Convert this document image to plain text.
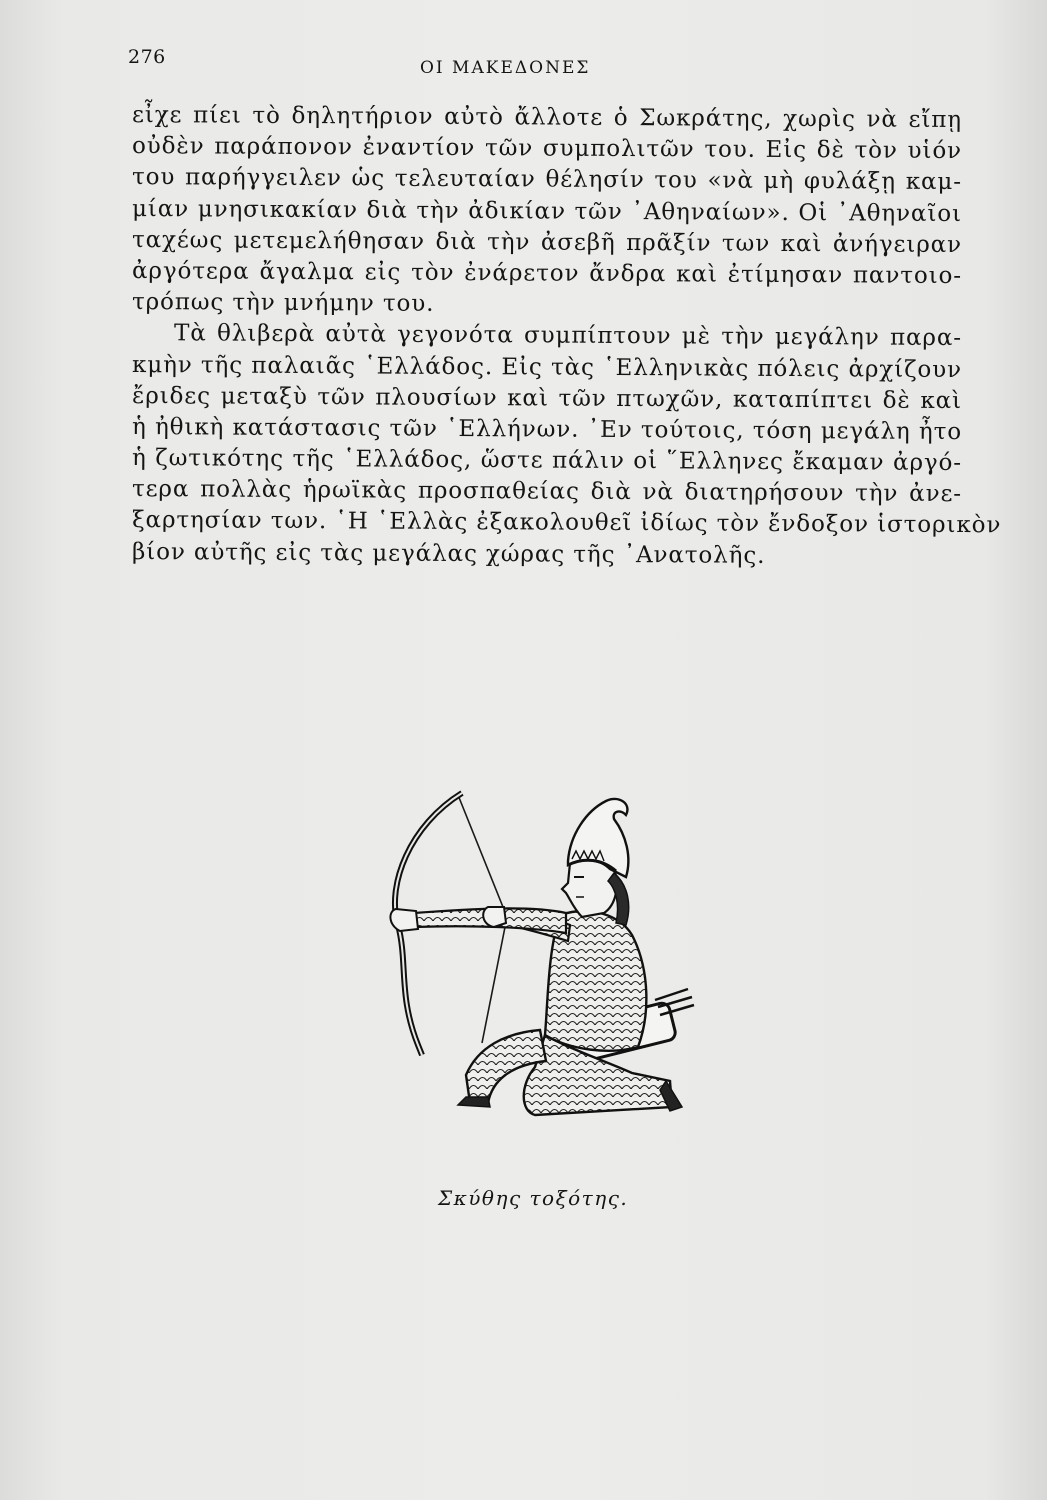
276	ΟΙ ΜΑΚΕΔΟΝΕΣ
εἶχε πίει τὸ δηλητήριον αὐτὸ ἄλλοτε ὁ Σωκράτης, χωρὶς νὰ εἴπῃ
οὐδὲν παράπονον ἐναντίον τῶν συμπολιτῶν του. Εἰς δὲ τὸν υἱόν
του παρήγγειλεν ὡς τελευταίαν θέλησίν του «νὰ μὴ φυλάξῃ καμ-
μίαν μνησικακίαν διὰ τὴν ἀδικίαν τῶν ᾿Αθηναίων». Οἱ ᾿Αθηναῖοι
ταχέως μετεμελήθησαν διὰ τὴν ἀσεβῆ πρᾶξίν των καὶ ἀνήγειραν
ἀργότερα ἄγαλμα εἰς τὸν ἐνάρετον ἄνδρα καὶ ἐτίμησαν παντοιο-
τρόπως τὴν μνήμην του.
Τὰ θλιβερὰ αὐτὰ γεγονότα συμπίπτουν μὲ τὴν μεγάλην παρα-
κμὴν τῆς παλαιᾶς ῾Ελλάδος. Εἰς τὰς ῾Ελληνικὰς πόλεις ἀρχίζουν
ἔριδες μεταξὺ τῶν πλουσίων καὶ τῶν πτωχῶν, καταπίπτει δὲ καὶ
ἡ ἠθικὴ κατάστασις τῶν ῾Ελλήνων. ᾿Εν τούτοις, τόση μεγάλη ἦτο
ἡ ζωτικότης τῆς ῾Ελλάδος, ὥστε πάλιν οἱ ῞Ελληνες ἔκαμαν ἀργό-
τερα πολλὰς ἡρωϊκὰς προσπαθείας διὰ νὰ διατηρήσουν τὴν ἀνε-
ξαρτησίαν των. ῾Η ῾Ελλὰς ἐξακολουθεῖ ἰδίως τὸν ἔνδοξον ἱστορικὸν
βίον αὐτῆς εἰς τὰς μεγάλας χώρας τῆς ᾿Ανατολῆς.
Σκύθης τοξότης.
